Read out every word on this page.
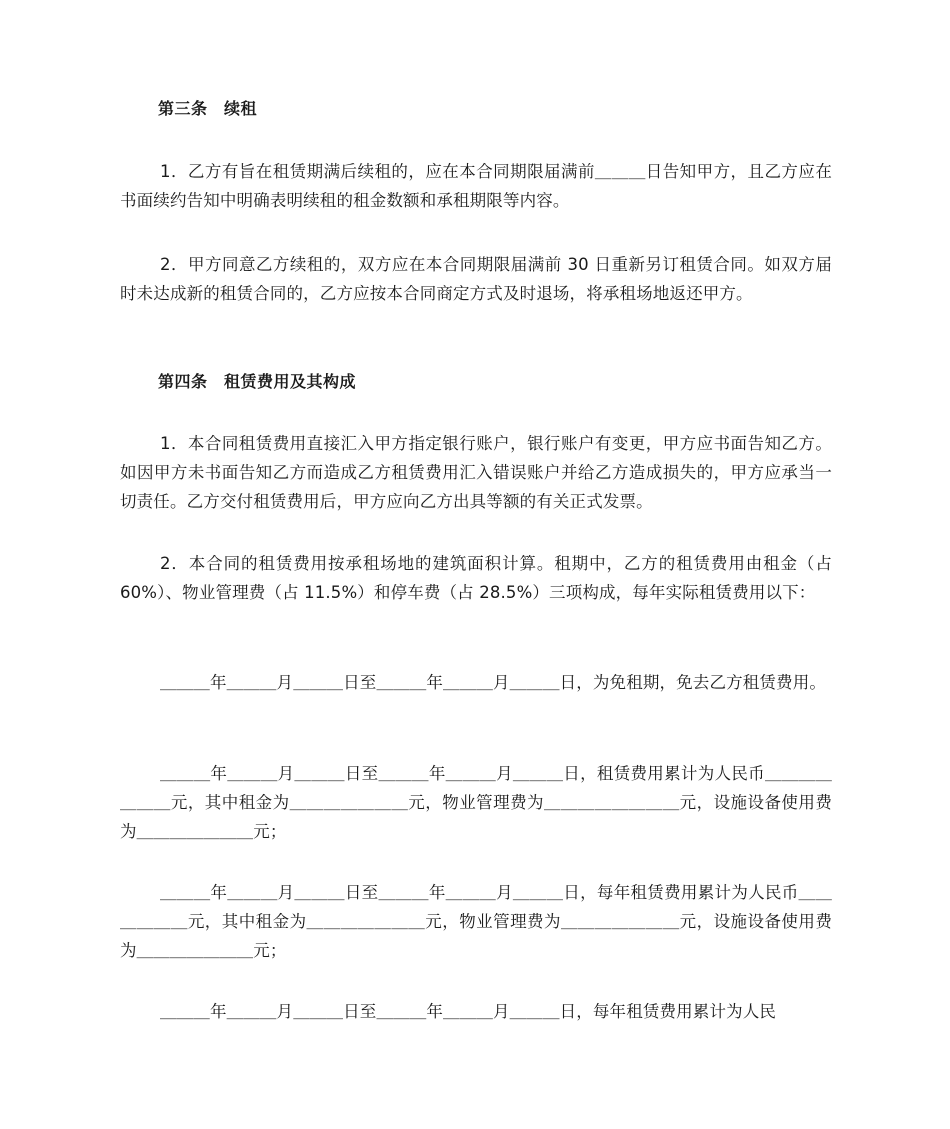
第三条　续租
1．乙方有旨在租赁期满后续租的，应在本合同期限届满前＿＿＿日告知甲方，且乙方应在书面续约告知中明确表明续租的租金数额和承租期限等内容。
2．甲方同意乙方续租的，双方应在本合同期限届满前 30 日重新另订租赁合同。如双方届时未达成新的租赁合同的，乙方应按本合同商定方式及时退场，将承租场地返还甲方。
第四条　租赁费用及其构成
1．本合同租赁费用直接汇入甲方指定银行账户，银行账户有变更，甲方应书面告知乙方。如因甲方未书面告知乙方而造成乙方租赁费用汇入错误账户并给乙方造成损失的，甲方应承当一切责任。乙方交付租赁费用后，甲方应向乙方出具等额的有关正式发票。
2．本合同的租赁费用按承租场地的建筑面积计算。租期中，乙方的租赁费用由租金（占 60%）、物业管理费（占 11.5%）和停车费（占 28.5%）三项构成，每年实际租赁费用以下：
＿＿＿年＿＿＿月＿＿＿日至＿＿＿年＿＿＿月＿＿＿日，为免租期，免去乙方租赁费用。
＿＿＿年＿＿＿月＿＿＿日至＿＿＿年＿＿＿月＿＿＿日，租赁费用累计为人民币＿＿＿＿＿＿＿元，其中租金为＿＿＿＿＿＿＿元，物业管理费为＿＿＿＿＿＿＿＿元，设施设备使用费为＿＿＿＿＿＿＿元；
＿＿＿年＿＿＿月＿＿＿日至＿＿＿年＿＿＿月＿＿＿日，每年租赁费用累计为人民币＿＿＿＿＿＿元，其中租金为＿＿＿＿＿＿＿元，物业管理费为＿＿＿＿＿＿＿元，设施设备使用费为＿＿＿＿＿＿＿元；
＿＿＿年＿＿＿月＿＿＿日至＿＿＿年＿＿＿月＿＿＿日，每年租赁费用累计为人民
